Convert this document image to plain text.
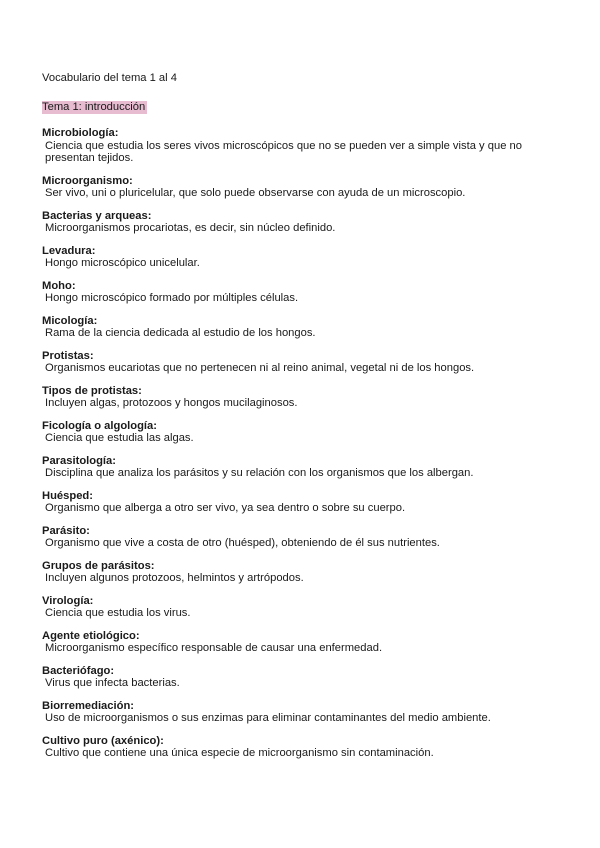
Vocabulario del tema 1 al 4
Tema 1: introducción
Microbiología:
Ciencia que estudia los seres vivos microscópicos que no se pueden ver a simple vista y que no presentan tejidos.
Microorganismo:
Ser vivo, uni o pluricelular, que solo puede observarse con ayuda de un microscopio.
Bacterias y arqueas:
Microorganismos procariotas, es decir, sin núcleo definido.
Levadura:
Hongo microscópico unicelular.
Moho:
Hongo microscópico formado por múltiples células.
Micología:
Rama de la ciencia dedicada al estudio de los hongos.
Protistas:
Organismos eucariotas que no pertenecen ni al reino animal, vegetal ni de los hongos.
Tipos de protistas:
Incluyen algas, protozoos y hongos mucilaginosos.
Ficología o algología:
Ciencia que estudia las algas.
Parasitología:
Disciplina que analiza los parásitos y su relación con los organismos que los albergan.
Huésped:
Organismo que alberga a otro ser vivo, ya sea dentro o sobre su cuerpo.
Parásito:
Organismo que vive a costa de otro (huésped), obteniendo de él sus nutrientes.
Grupos de parásitos:
Incluyen algunos protozoos, helmintos y artrópodos.
Virología:
Ciencia que estudia los virus.
Agente etiológico:
Microorganismo específico responsable de causar una enfermedad.
Bacteriófago:
Virus que infecta bacterias.
Biorremediación:
Uso de microorganismos o sus enzimas para eliminar contaminantes del medio ambiente.
Cultivo puro (axénico):
Cultivo que contiene una única especie de microorganismo sin contaminación.
